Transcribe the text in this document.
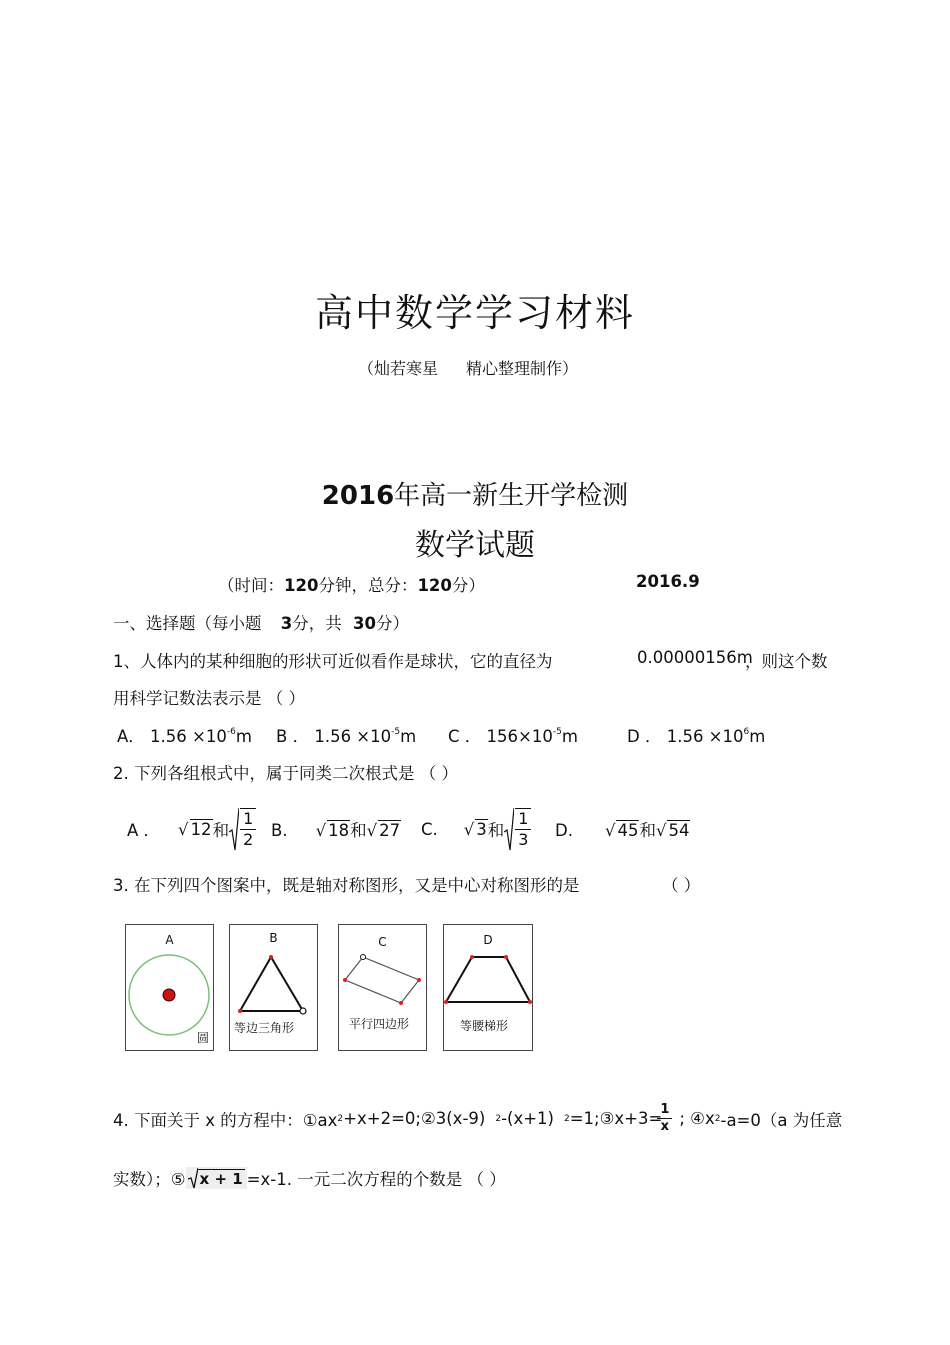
高中数学学习材料
（灿若寒星 精心整理制作）
2016年高一新生开学检测
数学试题
（时间：120分钟，总分：120分）	2016.9
一、选择题（每小题 3分，共 30分）
1、人体内的某种细胞的形状可近似看作是球状，它的直径为	0.00000156m
，则这个数
用科学记数法表示是 （ ）
A． $1.56 \times 10^{-6}m$ B ． $1.56 \times 10^{-5}m$ C ． $156\times 10^{-5}m$	D ． $1.56 \times 10^6m$
2. 下列各组根式中，属于同类二次根式是 （ ）
A ． √ 12 和 $\frac{1}{2} B$. √ 18和√ 27 C. √ 3 和 $\frac{1}{3} D$. √ 45和√ 54
3. 在下列四个图案中，既是轴对称图形，又是中心对称图形的是	（ ）
A
圆
B
等边三角形
C
平行四边形
D
等腰梯形
4. 下面关于 x 的方程中：①ax 2 +x+2=0;②3(x-9) 2 -(x+1) 2 =1;③x+3=
$\frac{1}{x}$ ; ④x 2 -a=0（a 为任意
实数）；⑤ x + 1 =x-1. 一元二次方程的个数是 （ ）
